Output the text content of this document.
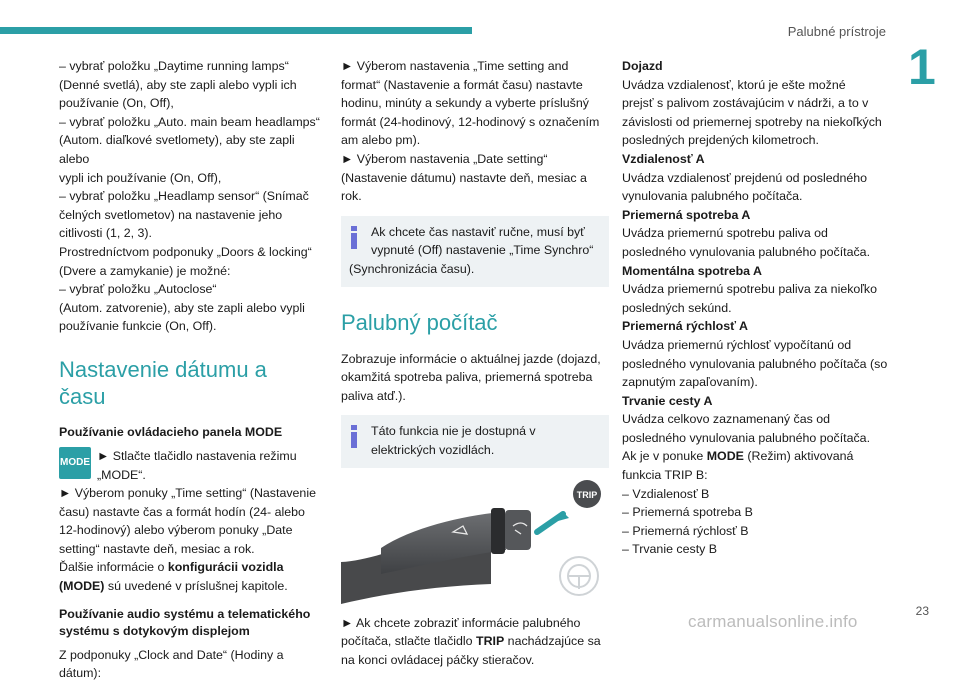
Palubné prístroje
1

– vybrať položku „Daytime running lamps“

(Denné svetlá), aby ste zapli alebo vypli ich

používanie (On, Off),

– vybrať položku „Auto. main beam headlamps“

(Autom. diaľkové svetlomety), aby ste zapli alebo

vypli ich používanie (On, Off),

– vybrať položku „Headlamp sensor“ (Snímač

čelných svetlometov) na nastavenie jeho

citlivosti (1, 2, 3).

Prostredníctvom podponuky „Doors & locking“

(Dvere a zamykanie) je možné:

– vybrať položku „Autoclose“

(Autom. zatvorenie), aby ste zapli alebo vypli

používanie funkcie (On, Off).

Nastavenie dátumu a
času
Používanie ovládacieho panela MODE
MODE ► Stlačte tlačidlo nastavenia režimu

„MODE“.

► Výberom ponuky „Time setting“ (Nastavenie

času) nastavte čas a formát hodín (24- alebo

12-hodinový) alebo výberom ponuky „Date

setting“ nastavte deň, mesiac a rok.

Ďalšie informácie o konfigurácii vozidla

(MODE) sú uvedené v príslušnej kapitole.

Používanie audio systému a telematického
systému s dotykovým displejom

Z podponuky „Clock and Date“ (Hodiny a

dátum):

► Výberom nastavenia „Time setting and

format“ (Nastavenie a formát času) nastavte

hodinu, minúty a sekundy a vyberte príslušný

formát (24-hodinový, 12-hodinový s označením

am alebo pm).

► Výberom nastavenia „Date setting“

(Nastavenie dátumu) nastavte deň, mesiac a

rok.

Ak chcete čas nastaviť ručne, musí byť

vypnuté (Off) nastavenie „Time Synchro“

(Synchronizácia času).

Palubný počítač

Zobrazuje informácie o aktuálnej jazde (dojazd,

okamžitá spotreba paliva, priemerná spotreba

paliva atď.).

Táto funkcia nie je dostupná v

elektrických vozidlách.

TRIP

► Ak chcete zobraziť informácie palubného

počítača, stlačte tlačidlo TRIP nachádzajúce sa

na konci ovládacej páčky stieračov.

Dojazd

Uvádza vzdialenosť, ktorú je ešte možné

prejsť s palivom zostávajúcim v nádrži, a to v

závislosti od priemernej spotreby na niekoľkých

posledných prejdených kilometroch.

Vzdialenosť A

Uvádza vzdialenosť prejdenú od posledného

vynulovania palubného počítača.

Priemerná spotreba A

Uvádza priemernú spotrebu paliva od

posledného vynulovania palubného počítača.

Momentálna spotreba A

Uvádza priemernú spotrebu paliva za niekoľko

posledných sekúnd.

Priemerná rýchlosť A

Uvádza priemernú rýchlosť vypočítanú od

posledného vynulovania palubného počítača (so

zapnutým zapaľovaním).

Trvanie cesty A

Uvádza celkovo zaznamenaný čas od

posledného vynulovania palubného počítača.

Ak je v ponuke MODE (Režim) aktivovaná

funkcia TRIP B:

– Vzdialenosť B

– Priemerná spotreba B

– Priemerná rýchlosť B

– Trvanie cesty B

23
carmanualsonline.info
